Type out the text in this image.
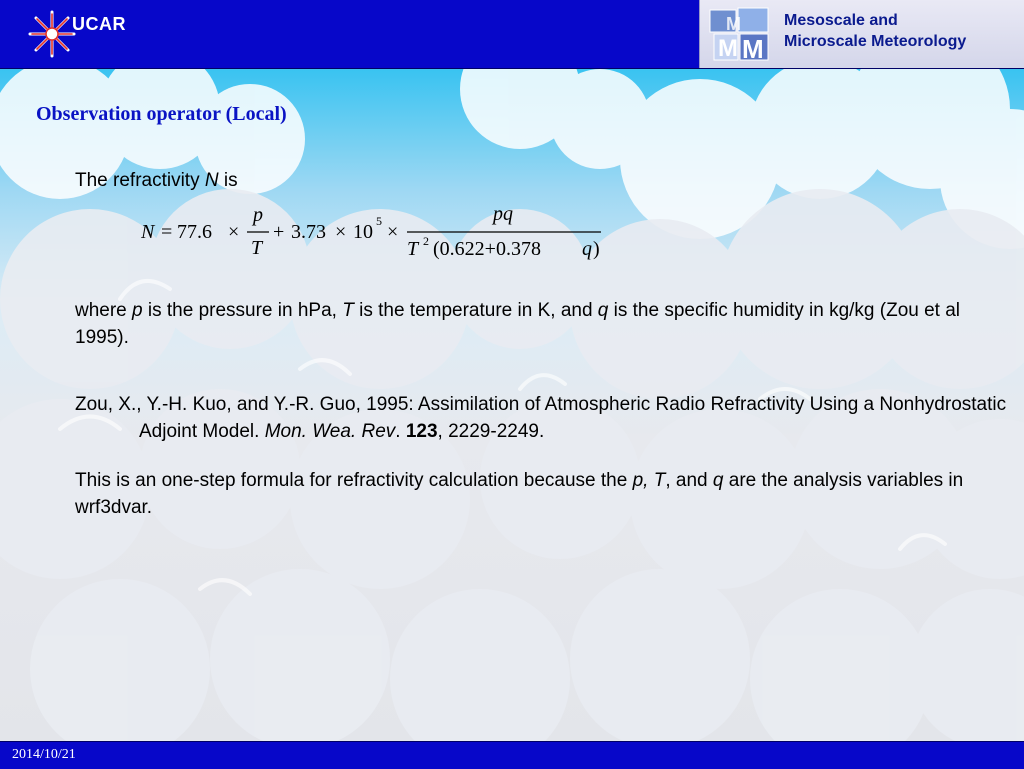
UCAR
M M
M	Mesoscale and
Microscale Meteorology
Observation operator (Local)
The refractivity N is
N = 77.6 ×
p
T
+ 3.73 × 10 5 ×
pq
T 2 (0.622+0.378 q )
where p is the pressure in hPa, T is the temperature in K, and q is the specific humidity in kg/kg (Zou et al 1995).
Zou, X., Y.-H. Kuo, and Y.-R. Guo, 1995: Assimilation of Atmospheric Radio Refractivity Using a Nonhydrostatic Adjoint Model. Mon. Wea. Rev. 123, 2229-2249.
This is an one-step formula for refractivity calculation because the p, T, and q are the analysis variables in wrf3dvar.
2014/10/21
